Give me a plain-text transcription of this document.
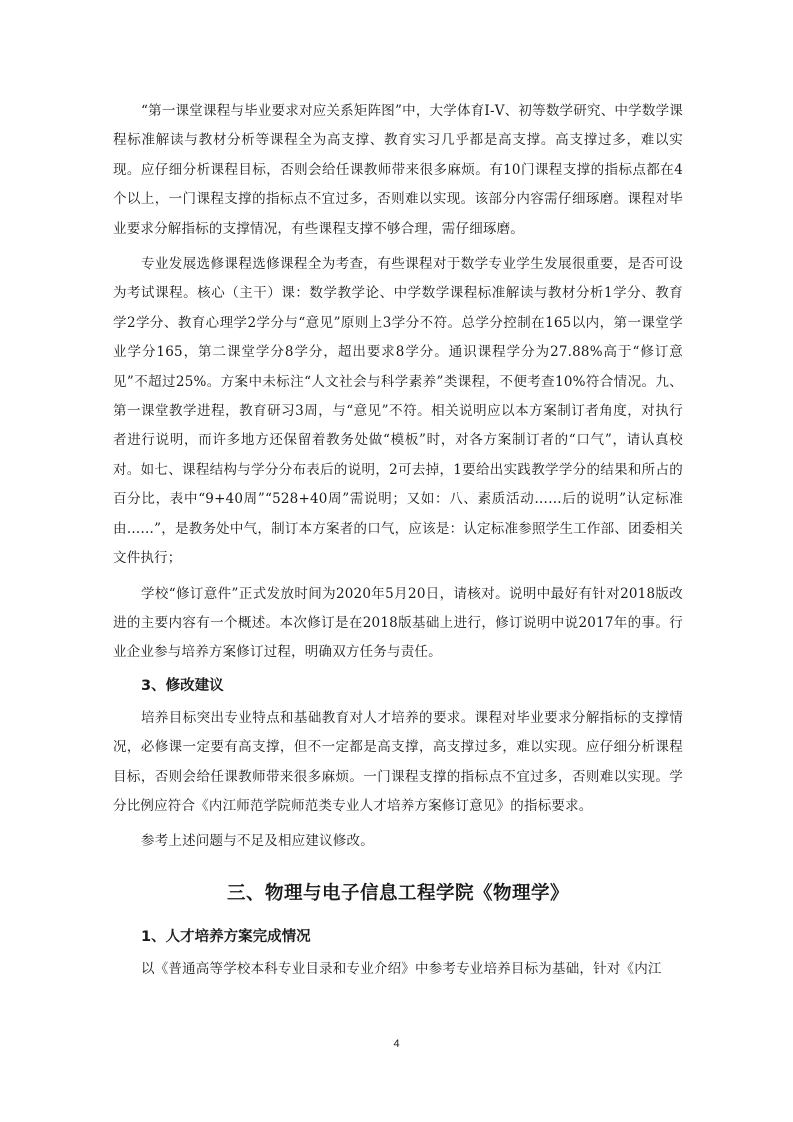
“第一课堂课程与毕业要求对应关系矩阵图”中，大学体育Ⅰ-Ⅴ、初等数学研究、中学数学课程标准解读与教材分析等课程全为高支撑、教育实习几乎都是高支撑。高支撑过多，难以实现。应仔细分析课程目标，否则会给任课教师带来很多麻烦。有10门课程支撑的指标点都在4个以上，一门课程支撑的指标点不宜过多，否则难以实现。该部分内容需仔细琢磨。课程对毕业要求分解指标的支撑情况，有些课程支撑不够合理，需仔细琢磨。

专业发展选修课程选修课程全为考查，有些课程对于数学专业学生发展很重要，是否可设为考试课程。核心（主干）课：数学教学论、中学数学课程标准解读与教材分析1学分、教育学2学分、教育心理学2学分与“意见”原则上3学分不符。总学分控制在165以内，第一课堂学业学分165，第二课堂学分8学分，超出要求8学分。通识课程学分为27.88%高于“修订意见”不超过25%。方案中未标注“人文社会与科学素养”类课程，不便考查10%符合情况。九、第一课堂教学进程，教育研习3周，与“意见”不符。相关说明应以本方案制订者角度，对执行者进行说明，而许多地方还保留着教务处做“模板”时，对各方案制订者的“口气”，请认真校对。如七、课程结构与学分分布表后的说明，2可去掉，1要给出实践教学学分的结果和所占的百分比，表中“9+40周”“528+40周”需说明；又如：八、素质活动……后的说明”认定标准由……”，是教务处中气，制订本方案者的口气，应该是：认定标准参照学生工作部、团委相关文件执行；

学校“修订意件”正式发放时间为2020年5月20日，请核对。说明中最好有针对2018版改进的主要内容有一个概述。本次修订是在2018版基础上进行，修订说明中说2017年的事。行业企业参与培养方案修订过程，明确双方任务与责任。

3、修改建议

培养目标突出专业特点和基础教育对人才培养的要求。课程对毕业要求分解指标的支撑情况，必修课一定要有高支撑，但不一定都是高支撑，高支撑过多，难以实现。应仔细分析课程目标，否则会给任课教师带来很多麻烦。一门课程支撑的指标点不宜过多，否则难以实现。学分比例应符合《内江师范学院师范类专业人才培养方案修订意见》的指标要求。

参考上述问题与不足及相应建议修改。

三、物理与电子信息工程学院《物理学》
1、人才培养方案完成情况

以《普通高等学校本科专业目录和专业介绍》中参考专业培养目标为基础，针对《内江

4
